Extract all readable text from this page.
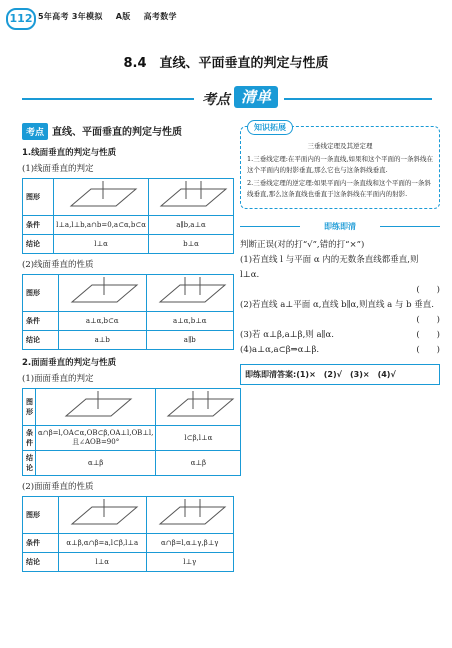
112 5年高考 3年模拟 A版 高考数学
8.4　直线、平面垂直的判定与性质
考点 清单
考点 直线、平面垂直的判定与性质
1.线面垂直的判定与性质
(1)线面垂直的判定
图形		
条件	l⊥a,l⊥b,a∩b=0,a⊂α,b⊂α	a∥b,a⊥α
结论	l⊥α	b⊥α
(2)线面垂直的性质
图形		
条件	a⊥α,b⊂α	a⊥α,b⊥α
结论	a⊥b	a∥b
2.面面垂直的判定与性质
(1)面面垂直的判定
图形		
条件	α∩β=l,OA⊂α,OB⊂β,OA⊥l,OB⊥l,且∠AOB=90°	l⊂β,l⊥α
结论	α⊥β	α⊥β
(2)面面垂直的性质
图形		
条件	α⊥β,α∩β=a,l⊂β,l⊥a	α∩β=l,α⊥γ,β⊥γ
结论	l⊥α	l⊥γ
知识拓展
三垂线定理及其逆定理
1.三垂线定理:在平面内的一条直线,如果和这个平面的一条斜线在这个平面内的射影垂直,那么它也与这条斜线垂直.
2.三垂线定理的逆定理:如果平面内一条直线和这个平面的一条斜线垂直,那么这条直线也垂直于这条斜线在平面内的射影.
即练即清
判断正误(对的打“√”,错的打“×”)
(1)若直线 l 与平面 α 内的无数条直线都垂直,则 l⊥α.
(　　)
(2)若直线 a⊥平面 α,直线 b∥α,则直线 a 与 b 垂直.
(　　)
(3)若 α⊥β,a⊥β,则 a∥α.	(　　)
(4)a⊥α,a⊂β⇒α⊥β.	(　　)
即练即清答案:(1)×　(2)√　(3)×　(4)√
